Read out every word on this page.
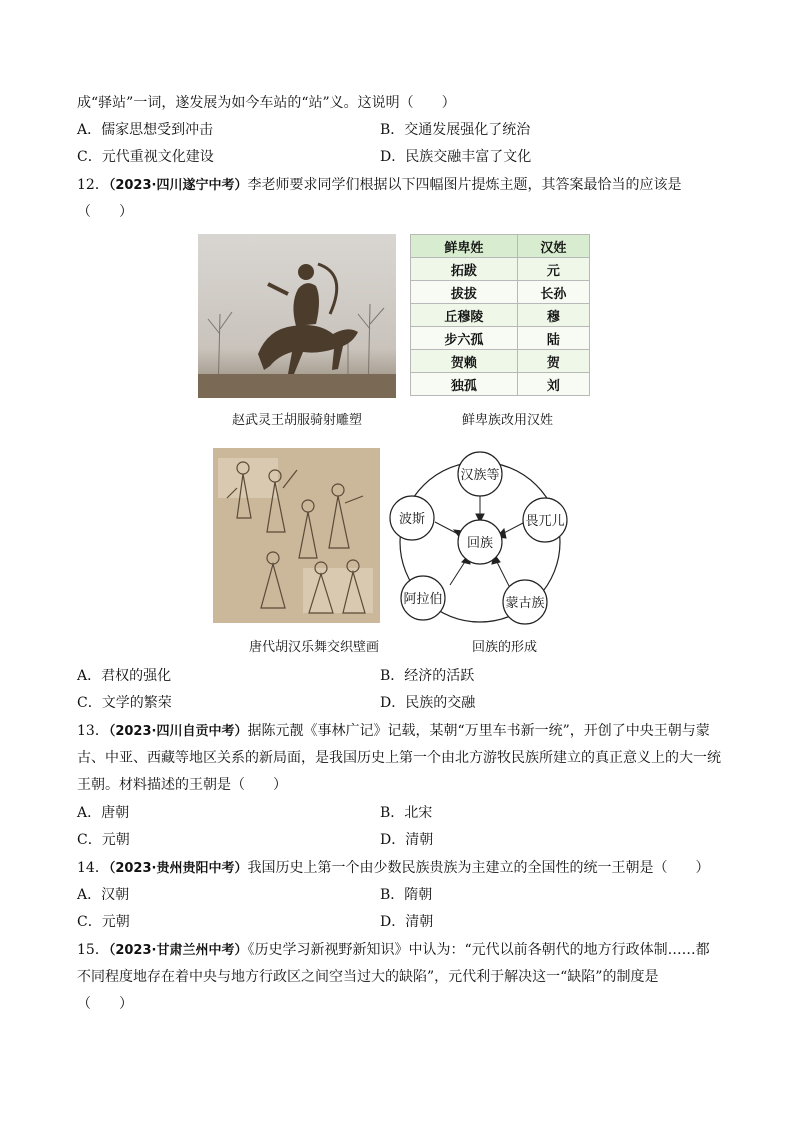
成“驿站”一词，遂发展为如今车站的“站”义。这说明（　　）
A．儒家思想受到冲击	B．交通发展强化了统治
C．元代重视文化建设	D．民族交融丰富了文化
12．（2023·四川遂宁中考）李老师要求同学们根据以下四幅图片提炼主题，其答案最恰当的应该是
（　　）
鲜卑姓	汉姓
拓跋	元
拔拔	长孙
丘穆陵	穆
步六孤	陆
贺赖	贺
独孤	刘
赵武灵王胡服骑射雕塑	鲜卑族改用汉姓
回族
汉族等
畏兀儿
蒙古族
阿拉伯
波斯
唐代胡汉乐舞交织壁画	回族的形成
A．君权的强化	B．经济的活跃
C．文学的繁荣	D．民族的交融
13．（2023·四川自贡中考）据陈元靓《事林广记》记载，某朝“万里车书新一统”，开创了中央王朝与蒙
古、中亚、西藏等地区关系的新局面，是我国历史上第一个由北方游牧民族所建立的真正意义上的大一统
王朝。材料描述的王朝是（　　）
A．唐朝	B．北宋
C．元朝	D．清朝
14．（2023·贵州贵阳中考）我国历史上第一个由少数民族贵族为主建立的全国性的统一王朝是（　　）
A．汉朝	B．隋朝
C．元朝	D．清朝
15．（2023·甘肃兰州中考）《历史学习新视野新知识》中认为：“元代以前各朝代的地方行政体制……都
不同程度地存在着中央与地方行政区之间空当过大的缺陷”，元代利于解决这一“缺陷”的制度是
（　　）
